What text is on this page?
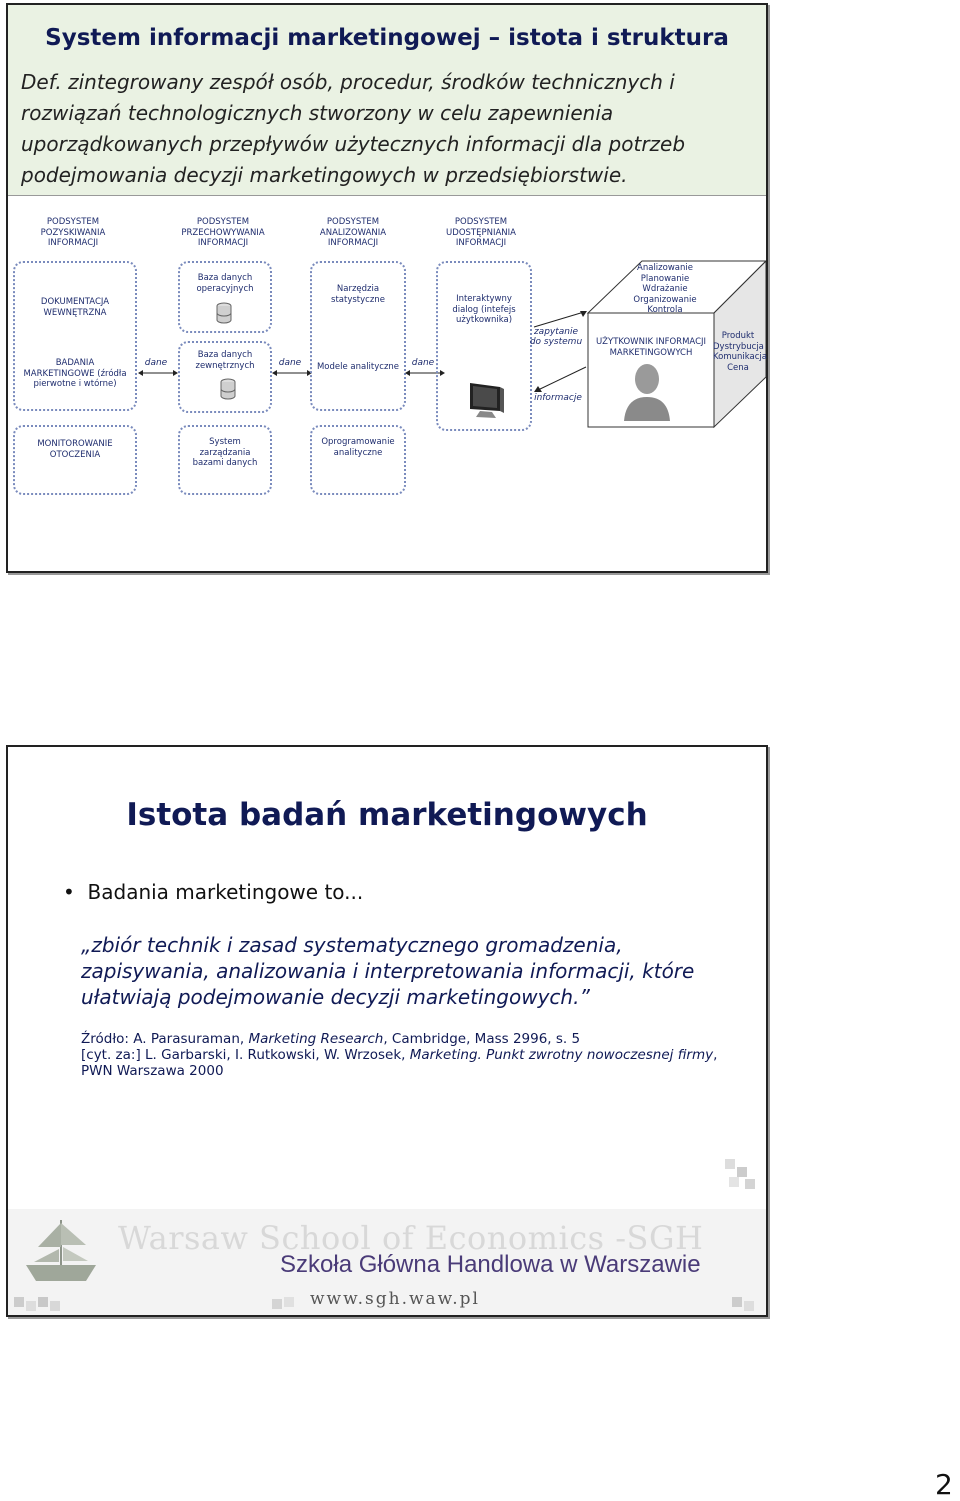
System informacji marketingowej – istota i struktura
Def. zintegrowany zespół osób, procedur, środków technicznych i rozwiązań technologicznych stworzony w celu zapewnienia uporządkowanych przepływów użytecznych informacji dla potrzeb podejmowania decyzji marketingowych w przedsiębiorstwie.
PODSYSTEM POZYSKIWANIA INFORMACJI
PODSYSTEM PRZECHOWYWANIA INFORMACJI
PODSYSTEM ANALIZOWANIA INFORMACJI
PODSYSTEM UDOSTĘPNIANIA INFORMACJI
DOKUMENTACJA WEWNĘTRZNA
BADANIA MARKETINGOWE (źródła pierwotne i wtórne)
MONITOROWANIE OTOCZENIA
dane
Baza danych operacyjnych
Baza danych zewnętrznych
System zarządzania bazami danych
dane
Narzędzia statystyczne
Modele analityczne
Oprogramowanie analityczne
dane
Interaktywny dialog (intefejs użytkownika)
zapytanie do systemu
informacje
Analizowanie Planowanie Wdrażanie Organizowanie Kontrola
UŻYTKOWNIK INFORMACJI MARKETINGOWYCH
Produkt Dystrybucja Komunikacja Cena
Istota badań marketingowych
•  Badania marketingowe to...
„zbiór technik i zasad systematycznego gromadzenia, zapisywania, analizowania i interpretowania informacji, które ułatwiają podejmowanie decyzji marketingowych.”
Źródło: A. Parasuraman, Marketing Research, Cambridge, Mass 2996, s. 5
[cyt. za:] L. Garbarski, I. Rutkowski, W. Wrzosek, Marketing. Punkt zwrotny nowoczesnej firmy,
PWN Warszawa 2000
Warsaw School of Economics -SGH
Szkoła Główna Handlowa w Warszawie
www.sgh.waw.pl
2
